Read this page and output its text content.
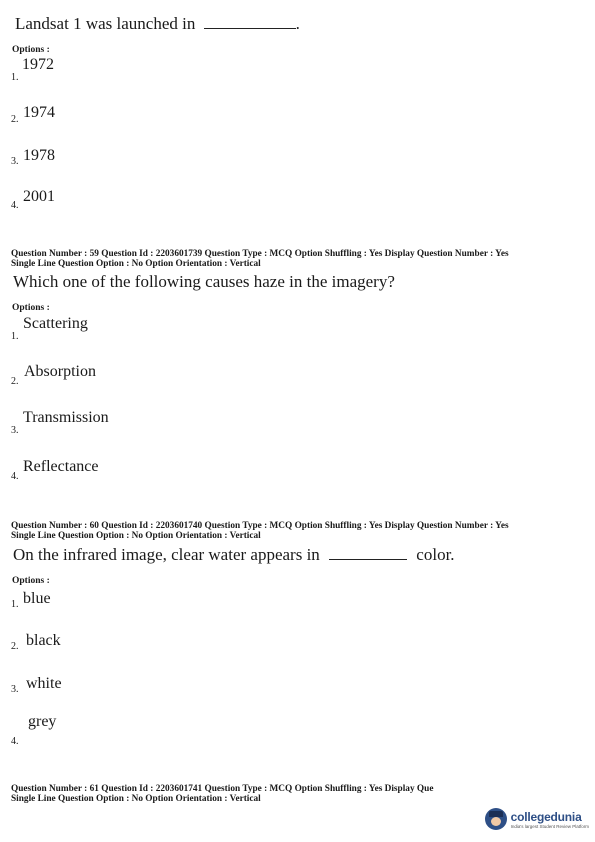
Landsat 1 was launched in	.
Options :
1972
1.
1974
2.
1978
3.
2001
4.
Question Number : 59 Question Id : 2203601739 Question Type : MCQ Option Shuffling : Yes Display Question Number : Yes
Single Line Question Option : No Option Orientation : Vertical
Which one of the following causes haze in the imagery?
Options :
Scattering
1.
Absorption
2.
Transmission
3.
Reflectance
4.
Question Number : 60 Question Id : 2203601740 Question Type : MCQ Option Shuffling : Yes Display Question Number : Yes
Single Line Question Option : No Option Orientation : Vertical
On the infrared image, clear water appears in	color.
Options :
blue
1.
black
2.
white
3.
grey
4.
Question Number : 61 Question Id : 2203601741 Question Type : MCQ Option Shuffling : Yes Display Que
Single Line Question Option : No Option Orientation : Vertical
collegedunia
India's largest Student Review Platform
